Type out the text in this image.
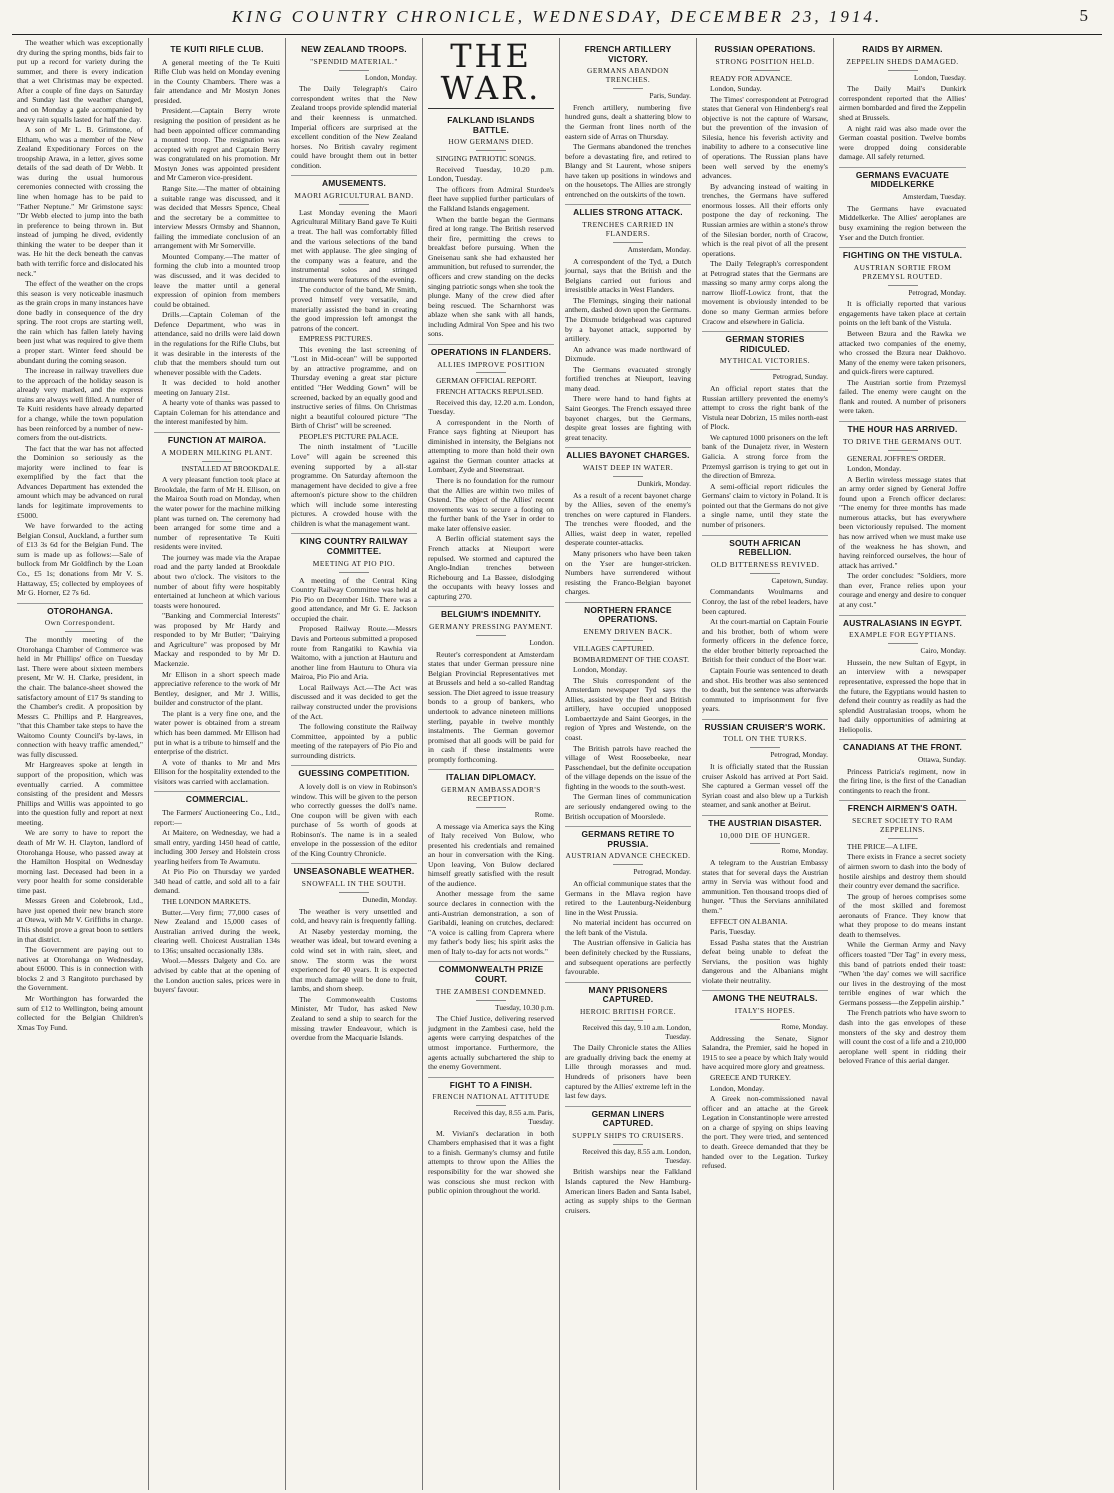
KING COUNTRY CHRONICLE, WEDNESDAY, DECEMBER 23, 1914.	5

The weather which was exceptionally dry during the spring months, bids fair to put up a record for variety during the summer, and there is every indication that a wet Christmas may be expected. After a couple of fine days on Saturday and Sunday last the weather changed, and on Monday a gale accompanied by heavy rain squalls lasted for half the day.

A son of Mr L. B. Grimstone, of Eltham, who was a member of the New Zealand Expeditionary Forces on the troopship Arawa, in a letter, gives some details of the sad death of Dr Webb. It was during the usual humorous ceremonies connected with crossing the line when homage has to be paid to "Father Neptune." Mr Grimstone says: "Dr Webb elected to jump into the bath in preference to being thrown in. But instead of jumping he dived, evidently thinking the water to be deeper than it was. He hit the deck beneath the canvas bath with terrific force and dislocated his neck."

The effect of the weather on the crops this season is very noticeable inasmuch as the grain crops in many instances have done badly in consequence of the dry spring. The root crops are starting well, the rain which has fallen lately having been just what was required to give them a proper start. Winter feed should be abundant during the coming season.

The increase in railway travellers due to the approach of the holiday season is already very marked, and the express trains are always well filled. A number of Te Kuiti residents have already departed for a change, while the town population has been reinforced by a number of new-comers from the out-districts.

The fact that the war has not affected the Dominion so seriously as the majority were inclined to fear is exemplified by the fact that the Advances Department has extended the amount which may be advanced on rural lands for legitimate improvements to £5000.

We have forwarded to the acting Belgian Consul, Auckland, a further sum of £13 3s 6d for the Belgian Fund. The sum is made up as follows:—Sale of bullock from Mr Goldfinch by the Loan Co., £5 1s; donations from Mr V. S. Hattaway, £5; collected by employees of Mr G. Horner, £2 7s 6d.

OTOROHANGA.
Own Correspondent.

The monthly meeting of the Otorohanga Chamber of Commerce was held in Mr Phillips' office on Tuesday last. There were about sixteen members present, Mr W. H. Clarke, president, in the chair. The balance-sheet showed the satisfactory amount of £17 9s standing to the Chamber's credit. A proposition by Messrs C. Phillips and P. Hargreaves, "that this Chamber take steps to have the Waitomo County Council's by-laws, in connection with heavy traffic amended," was fully discussed.

Mr Hargreaves spoke at length in support of the proposition, which was eventually carried. A committee consisting of the president and Messrs Phillips and Willis was appointed to go into the question fully and report at next meeting.

We are sorry to have to report the death of Mr W. H. Clayton, landlord of Otorohanga House, who passed away at the Hamilton Hospital on Wednesday morning last. Deceased had been in a very poor health for some considerable time past.

Messrs Green and Colebrook, Ltd., have just opened their new branch store at Otewa, with Mr V. Griffiths in charge. This should prove a great boon to settlers in that district.

The Government are paying out to natives at Otorohanga on Wednesday, about £6000. This is in connection with blocks 2 and 3 Rangitoto purchased by the Government.

Mr Worthington has forwarded the sum of £12 to Wellington, being amount collected for the Belgian Children's Xmas Toy Fund.

TE KUITI RIFLE CLUB.

A general meeting of the Te Kuiti Rifle Club was held on Monday evening in the County Chambers. There was a fair attendance and Mr Mostyn Jones presided.

President.—Captain Berry wrote resigning the position of president as he had been appointed officer commanding a mounted troop. The resignation was accepted with regret and Captain Berry was congratulated on his promotion. Mr Mostyn Jones was appointed president and Mr Cameron vice-president.

Range Site.—The matter of obtaining a suitable range was discussed, and it was decided that Messrs Spence, Cheal and the secretary be a committee to interview Messrs Ormsby and Shannon, failing the immediate conclusion of an arrangement with Mr Somerville.

Mounted Company.—The matter of forming the club into a mounted troop was discussed, and it was decided to leave the matter until a general expression of opinion from members could be obtained.

Drills.—Captain Coleman of the Defence Department, who was in attendance, said no drills were laid down in the regulations for the Rifle Clubs, but it was desirable in the interests of the club that the members should turn out whenever possible with the Cadets.

It was decided to hold another meeting on January 21st.

A hearty vote of thanks was passed to Captain Coleman for his attendance and the interest manifested by him.

FUNCTION AT MAIROA.
A MODERN MILKING PLANT.
INSTALLED AT BROOKDALE.

A very pleasant function took place at Brookdale, the farm of Mr H. Ellison, on the Mairoa South road on Monday, when the water power for the machine milking plant was turned on. The ceremony had been arranged for some time and a number of representative Te Kuiti residents were invited.

The journey was made via the Arapae road and the party landed at Brookdale about two o'clock. The visitors to the number of about fifty were hospitably entertained at luncheon at which various toasts were honoured.

"Banking and Commercial Interests" was proposed by Mr Hardy and responded to by Mr Butler; "Dairying and Agriculture" was proposed by Mr Mackay and responded to by Mr D. Mackenzie.

Mr Ellison in a short speech made appreciative reference to the work of Mr Bentley, designer, and Mr J. Willis, builder and constructor of the plant.

The plant is a very fine one, and the water power is obtained from a stream which has been dammed. Mr Ellison had put in what is a tribute to himself and the enterprise of the district.

A vote of thanks to Mr and Mrs Ellison for the hospitality extended to the visitors was carried with acclamation.

COMMERCIAL.

The Farmers' Auctioneering Co., Ltd., report:—

At Maitere, on Wednesday, we had a small entry, yarding 1450 head of cattle, including 300 Jersey and Holstein cross yearling heifers from Te Awamutu.

At Pio Pio on Thursday we yarded 340 head of cattle, and sold all to a fair demand.

THE LONDON MARKETS.

Butter.—Very firm; 77,000 cases of New Zealand and 15,000 cases of Australian arrived during the week, clearing well. Choicest Australian 134s to 136s; unsalted occasionally 138s.

Wool.—Messrs Dalgety and Co. are advised by cable that at the opening of the London auction sales, prices were in buyers' favour.

NEW ZEALAND TROOPS.
"SPENDID MATERIAL."
London, Monday.

The Daily Telegraph's Cairo correspondent writes that the New Zealand troops provide splendid material and their keenness is unmatched. Imperial officers are surprised at the excellent condition of the New Zealand horses. No British cavalry regiment could have brought them out in better condition.

AMUSEMENTS.
MAORI AGRICULTURAL BAND.

Last Monday evening the Maori Agricultural Military Band gave Te Kuiti a treat. The hall was comfortably filled and the various selections of the band met with applause. The glee singing of the company was a feature, and the instrumental solos and stringed instruments were features of the evening.

The conductor of the band, Mr Smith, proved himself very versatile, and materially assisted the band in creating the good impression left amongst the patrons of the concert.

EMPRESS PICTURES.

This evening the last screening of "Lost in Mid-ocean" will be supported by an attractive programme, and on Thursday evening a great star picture entitled "Her Wedding Gown" will be screened, backed by an equally good and instructive series of films. On Christmas night a beautiful coloured picture "The Birth of Christ" will be screened.

PEOPLE'S PICTURE PALACE.

The ninth instalment of "Lucille Love" will again be screened this evening supported by a all-star programme. On Saturday afternoon the management have decided to give a free afternoon's picture show to the children which will include some interesting pictures. A crowded house with the children is what the management want.

KING COUNTRY RAILWAY COMMITTEE.
MEETING AT PIO PIO.

A meeting of the Central King Country Railway Committee was held at Pio Pio on December 16th. There was a good attendance, and Mr G. E. Jackson occupied the chair.

Proposed Railway Route.—Messrs Davis and Porteous submitted a proposed route from Rangatiki to Kawhia via Waitomo, with a junction at Hauturu and another line from Hauturu to Ohura via Mairoa, Pio Pio and Aria.

Local Railways Act.—The Act was discussed and it was decided to get the railway constructed under the provisions of the Act.

The following constitute the Railway Committee, appointed by a public meeting of the ratepayers of Pio Pio and surrounding districts.

GUESSING COMPETITION.

A lovely doll is on view in Robinson's window. This will be given to the person who correctly guesses the doll's name. One coupon will be given with each purchase of 5s worth of goods at Robinson's. The name is in a sealed envelope in the possession of the editor of the King Country Chronicle.

UNSEASONABLE WEATHER.
SNOWFALL IN THE SOUTH.
Dunedin, Monday.

The weather is very unsettled and cold, and heavy rain is frequently falling.

At Naseby yesterday morning, the weather was ideal, but toward evening a cold wind set in with rain, sleet, and snow. The storm was the worst experienced for 40 years. It is expected that much damage will be done to fruit, lambs, and shorn sheep.

The Commonwealth Customs Minister, Mr Tudor, has asked New Zealand to send a ship to search for the missing trawler Endeavour, which is overdue from the Macquarie Islands.

THE WAR.
FALKLAND ISLANDS BATTLE.
HOW GERMANS DIED.

SINGING PATRIOTIC SONGS.

Received Tuesday, 10.20 p.m. London, Tuesday.

The officers from Admiral Sturdee's fleet have supplied further particulars of the Falkland Islands engagement.

When the battle began the Germans fired at long range. The British reserved their fire, permitting the crews to breakfast before pursuing. When the Gneisenau sank she had exhausted her ammunition, but refused to surrender, the officers and crew standing on the decks singing patriotic songs when she took the plunge. Many of the crew died after being rescued. The Scharnhorst was ablaze when she sank with all hands, including Admiral Von Spee and his two sons.

OPERATIONS IN FLANDERS.
ALLIES IMPROVE POSITION

GERMAN OFFICIAL REPORT.

FRENCH ATTACKS REPULSED.

Received this day, 12.20 a.m. London, Tuesday.

A correspondent in the North of France says fighting at Nieuport has diminished in intensity, the Belgians not attempting to more than hold their own against the German counter attacks at Lombaer, Zyde and Steenstraat.

There is no foundation for the rumour that the Allies are within two miles of Ostend. The object of the Allies' recent movements was to secure a footing on the further bank of the Yser in order to make later offensive easier.

A Berlin official statement says the French attacks at Nieuport were repulsed. We stormed and captured the Anglo-Indian trenches between Richebourg and La Bassee, dislodging the occupants with heavy losses and capturing 270.

BELGIUM'S INDEMNITY.
GERMANY PRESSING PAYMENT.
London.

Reuter's correspondent at Amsterdam states that under German pressure nine Belgian Provincial Representatives met at Brussels and held a so-called Randtag session. The Diet agreed to issue treasury bonds to a group of bankers, who undertook to advance nineteen millions sterling, payable in twelve monthly instalments. The German governor promised that all goods will be paid for in cash if these instalments were promptly forthcoming.

ITALIAN DIPLOMACY.
GERMAN AMBASSADOR'S RECEPTION.
Rome.

A message via America says the King of Italy received Von Bulow, who presented his credentials and remained an hour in conversation with the King. Upon leaving, Von Bulow declared himself greatly satisfied with the result of the audience.

Another message from the same source declares in connection with the anti-Austrian demonstration, a son of Garibaldi, leaning on crutches, declared: "A voice is calling from Caprera where my father's body lies; his spirit asks the men of Italy to-day for acts not words."

COMMONWEALTH PRIZE COURT.
THE ZAMBESI CONDEMNED.
Tuesday, 10.30 p.m.

The Chief Justice, delivering reserved judgment in the Zambesi case, held the agents were carrying despatches of the utmost importance. Furthermore, the agents actually subchartered the ship to the enemy Government.

FIGHT TO A FINISH.
FRENCH NATIONAL ATTITUDE
Received this day, 8.55 a.m. Paris, Tuesday.

M. Viviani's declaration in both Chambers emphasised that it was a fight to a finish. Germany's clumsy and futile attempts to throw upon the Allies the responsibility for the war showed she was conscious she must reckon with public opinion throughout the world.

FRENCH ARTILLERY VICTORY.
GERMANS ABANDON TRENCHES.
Paris, Sunday.

French artillery, numbering five hundred guns, dealt a shattering blow to the German front lines north of the eastern side of Arras on Thursday.

The Germans abandoned the trenches before a devastating fire, and retired to Blangy and St Laurent, whose snipers have taken up positions in windows and on the housetops. The Allies are strongly entrenched on the outskirts of the town.

ALLIES STRONG ATTACK.
TRENCHES CARRIED IN FLANDERS.
Amsterdam, Monday.

A correspondent of the Tyd, a Dutch journal, says that the British and the Belgians carried out furious and irresistible attacks in West Flanders.

The Flemings, singing their national anthem, dashed down upon the Germans. The Dixmude bridgehead was captured by a bayonet attack, supported by artillery.

An advance was made northward of Dixmude.

The Germans evacuated strongly fortified trenches at Nieuport, leaving many dead.

There were hand to hand fights at Saint Georges. The French essayed three bayonet charges, but the Germans, despite great losses are fighting with great tenacity.

ALLIES BAYONET CHARGES.
WAIST DEEP IN WATER.
Dunkirk, Monday.

As a result of a recent bayonet charge by the Allies, seven of the enemy's trenches on were captured in Flanders. The trenches were flooded, and the Allies, waist deep in water, repelled desperate counter-attacks.

Many prisoners who have been taken on the Yser are hunger-stricken. Numbers have surrendered without resisting the Franco-Belgian bayonet charges.

NORTHERN FRANCE OPERATIONS.
ENEMY DRIVEN BACK.

VILLAGES CAPTURED.

BOMBARDMENT OF THE COAST.

London, Monday.

The Sluis correspondent of the Amsterdam newspaper Tyd says the Allies, assisted by the fleet and British artillery, have occupied unopposed Lombaertzyde and Saint Georges, in the region of Ypres and Westende, on the coast.

The British patrols have reached the village of West Roosebeeke, near Passchendael, but the definite occupation of the village depends on the issue of the fighting in the woods to the south-west.

The German lines of communication are seriously endangered owing to the British occupation of Moorslede.

GERMANS RETIRE TO PRUSSIA.
AUSTRIAN ADVANCE CHECKED.
Petrograd, Monday.

An official communique states that the Germans in the Mlava region have retired to the Lautenburg-Neidenburg line in the West Prussia.

No material incident has occurred on the left bank of the Vistula.

The Austrian offensive in Galicia has been definitely checked by the Russians, and subsequent operations are perfectly favourable.

MANY PRISONERS CAPTURED.
HEROIC BRITISH FORCE.
Received this day, 9.10 a.m. London, Tuesday.

The Daily Chronicle states the Allies are gradually driving back the enemy at Lille through morasses and mud. Hundreds of prisoners have been captured by the Allies' extreme left in the last few days.

GERMAN LINERS CAPTURED.
SUPPLY SHIPS TO CRUISERS.
Received this day, 8.55 a.m. London, Tuesday.

British warships near the Falkland Islands captured the New Hamburg-American liners Baden and Santa Isabel, acting as supply ships to the German cruisers.

RUSSIAN OPERATIONS.
STRONG POSITION HELD.

READY FOR ADVANCE.

London, Sunday.

The Times' correspondent at Petrograd states that General von Hindenberg's real objective is not the capture of Warsaw, but the prevention of the invasion of Silesia, hence his feverish activity and inability to adhere to a consecutive line of operations. The Russian plans have been well served by the enemy's advances.

By advancing instead of waiting in trenches, the Germans have suffered enormous losses. All their efforts only postpone the day of reckoning. The Russian armies are within a stone's throw of the Silesian border, north of Cracow, which is the real pivot of all the present operations.

The Daily Telegraph's correspondent at Petrograd states that the Germans are massing so many army corps along the narrow Ilioff-Lowicz front, that the movement is obviously intended to be done so many German armies before Cracow and elsewhere in Galicia.

GERMAN STORIES RIDICULED.
MYTHICAL VICTORIES.
Petrograd, Sunday.

An official report states that the Russian artillery prevented the enemy's attempt to cross the right bank of the Vistula near Dobrizn, 15 miles north-east of Plock.

We captured 1000 prisoners on the left bank of the Dunajetz river, in Western Galicia. A strong force from the Przemysl garrison is trying to get out in the direction of Bmreza.

A semi-official report ridicules the Germans' claim to victory in Poland. It is pointed out that the Germans do not give a single name, until they state the number of prisoners.

SOUTH AFRICAN REBELLION.
OLD BITTERNESS REVIVED.
Capetown, Sunday.

Commandants Woulmarns and Conroy, the last of the rebel leaders, have been captured.

At the court-martial on Captain Fourie and his brother, both of whom were formerly officers in the defence force, the elder brother bitterly reproached the British for their conduct of the Boer war.

Captain Fourie was sentenced to death and shot. His brother was also sentenced to death, but the sentence was afterwards commuted to imprisonment for five years.

RUSSIAN CRUISER'S WORK.
TOLL ON THE TURKS.
Petrograd, Monday.

It is officially stated that the Russian cruiser Askold has arrived at Port Said. She captured a German vessel off the Syrian coast and also blew up a Turkish steamer, and sank another at Beirut.

THE AUSTRIAN DISASTER.
10,000 DIE OF HUNGER.
Rome, Monday.

A telegram to the Austrian Embassy states that for several days the Austrian army in Servia was without food and ammunition. Ten thousand troops died of hunger. "Thus the Servians annihilated them."

EFFECT ON ALBANIA.

Paris, Tuesday.

Essad Pasha states that the Austrian defeat being unable to defeat the Servians, the position was highly dangerous and the Albanians might violate their neutrality.

AMONG THE NEUTRALS.
ITALY'S HOPES.
Rome, Monday.

Addressing the Senate, Signor Salandra, the Premier, said he hoped in 1915 to see a peace by which Italy would have acquired more glory and greatness.

GREECE AND TURKEY.

London, Monday.

A Greek non-commissioned naval officer and an attache at the Greek Legation in Constantinople were arrested on a charge of spying on ships leaving the port. They were tried, and sentenced to death. Greece demanded that they be handed over to the Legation. Turkey refused.

RAIDS BY AIRMEN.
ZEPPELIN SHEDS DAMAGED.
London, Tuesday.

The Daily Mail's Dunkirk correspondent reported that the Allies' airmen bombarded and fired the Zeppelin shed at Brussels.

A night raid was also made over the German coastal position. Twelve bombs were dropped doing considerable damage. All safely returned.

GERMANS EVACUATE MIDDELKERKE
Amsterdam, Tuesday.

The Germans have evacuated Middelkerke. The Allies' aeroplanes are busy examining the region between the Yser and the Dutch frontier.

FIGHTING ON THE VISTULA.
AUSTRIAN SORTIE FROM PRZEMYSL ROUTED.
Petrograd, Monday.

It is officially reported that various engagements have taken place at certain points on the left bank of the Vistula.

Between Bzura and the Rawka we attacked two companies of the enemy, who crossed the Bzura near Dakhovo. Many of the enemy were taken prisoners, and quick-firers were captured.

The Austrian sortie from Przemysl failed. The enemy were caught on the flank and routed. A number of prisoners were taken.

THE HOUR HAS ARRIVED.
TO DRIVE THE GERMANS OUT.

GENERAL JOFFRE'S ORDER.

London, Monday.

A Berlin wireless message states that an army order signed by General Joffre found upon a French officer declares: "The enemy for three months has made numerous attacks, but has everywhere been victoriously repulsed. The moment has now arrived when we must make use of the weakness he has shown, and having reinforced ourselves, the hour of attack has arrived."

The order concludes: "Soldiers, more than ever, France relies upon your courage and energy and desire to conquer at any cost."

AUSTRALASIANS IN EGYPT.
EXAMPLE FOR EGYPTIANS.
Cairo, Monday.

Hussein, the new Sultan of Egypt, in an interview with a newspaper representative, expressed the hope that in the future, the Egyptians would hasten to defend their country as readily as had the splendid Australasian troops, whom he had daily opportunities of admiring at Heliopolis.

CANADIANS AT THE FRONT.
Ottawa, Sunday.

Princess Patricia's regiment, now in the firing line, is the first of the Canadian contingents to reach the front.

FRENCH AIRMEN'S OATH.
SECRET SOCIETY TO RAM ZEPPELINS.

THE PRICE—A LIFE.

There exists in France a secret society of airmen sworn to dash into the body of hostile airships and destroy them should their country ever demand the sacrifice.

The group of heroes comprises some of the most skilled and foremost aeronauts of France. They know that what they propose to do means instant death to themselves.

While the German Army and Navy officers toasted "Der Tag" in every mess, this band of patriots ended their toast: "When 'the day' comes we will sacrifice our lives in the destroying of the most terrible engines of war which the Germans possess—the Zeppelin airship."

The French patriots who have sworn to dash into the gas envelopes of these monsters of the sky and destroy them will count the cost of a life and a 210,000 aeroplane well spent in ridding their beloved France of this aerial danger.
